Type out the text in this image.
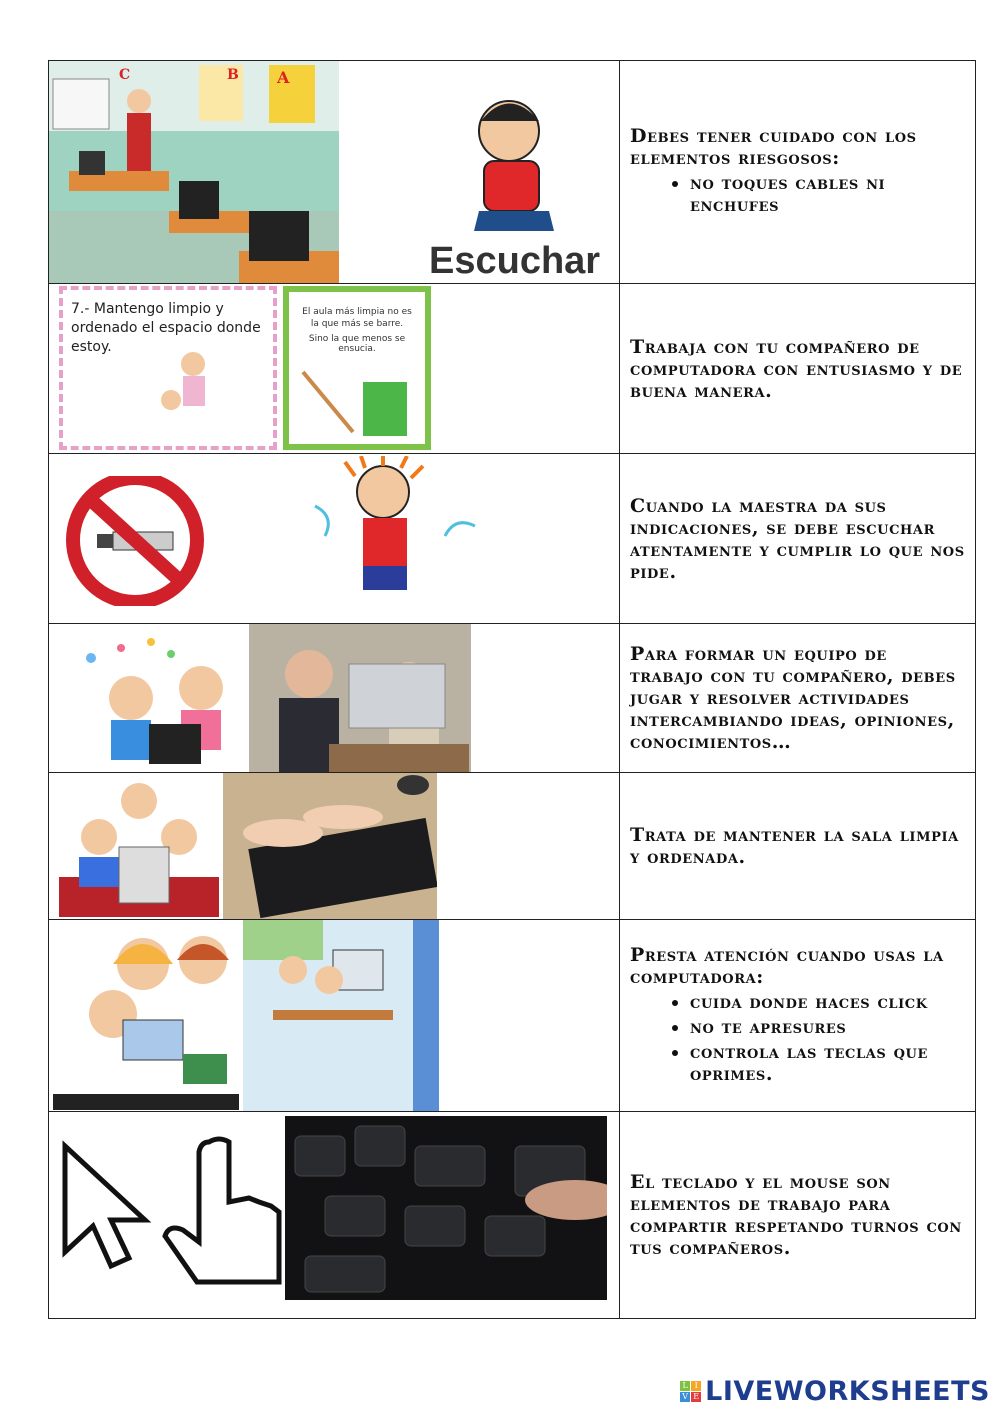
C	B A
Escuchar
Debes tener cuidado con los elementos riesgosos:
• no toques cables ni enchufes
7.- Mantengo limpio y ordenado el espacio donde estoy.
El aula más limpia no es la que más se barre.
Sino la que menos se ensucia.	Trabaja con tu compañero de computadora con entusiasmo y de buena manera.
Cuando la maestra da sus indicaciones, se debe escuchar atentamente y cumplir lo que nos pide.
Para formar un equipo de trabajo con tu compañero, debes jugar y resolver actividades intercambiando ideas, opiniones, conocimientos…
Trata de mantener la sala limpia y ordenada.
Presta atención cuando usas la computadora:
• cuida donde haces click
• no te apresures
• controla las teclas que oprimes.
El teclado y el mouse son elementos de trabajo para compartir respetando turnos con tus compañeros.
L I
V E LIVEWORKSHEETS
